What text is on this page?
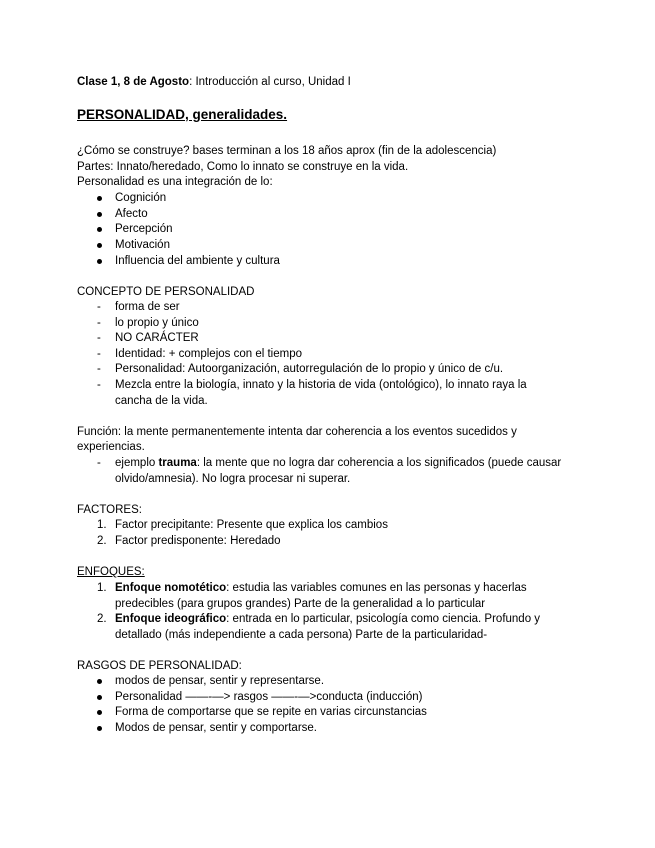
Clase 1, 8 de Agosto: Introducción al curso, Unidad I
PERSONALIDAD, generalidades.
¿Cómo se construye? bases terminan a los 18 años aprox (fin de la adolescencia)
Partes: Innato/heredado, Como lo innato se construye en la vida.
Personalidad es una integración de lo:
Cognición
Afecto
Percepción
Motivación
Influencia del ambiente y cultura
CONCEPTO DE PERSONALIDAD
- forma de ser
- lo propio y único
- NO CARÁCTER
- Identidad: + complejos con el tiempo
- Personalidad: Autoorganización, autorregulación de lo propio y único de c/u.
- Mezcla entre la biología, innato y la historia de vida (ontológico), lo innato raya la
cancha de la vida.
Función: la mente permanentemente intenta dar coherencia a los eventos sucedidos y
experiencias.
- ejemplo trauma: la mente que no logra dar coherencia a los significados (puede causar
olvido/amnesia). No logra procesar ni superar.
FACTORES:
1. Factor precipitante: Presente que explica los cambios
2. Factor predisponente: Heredado
ENFOQUES:
1. Enfoque nomotético: estudia las variables comunes en las personas y hacerlas
predecibles (para grupos grandes) Parte de la generalidad a lo particular
2. Enfoque ideográfico: entrada en lo particular, psicología como ciencia. Profundo y
detallado (más independiente a cada persona) Parte de la particularidad-
RASGOS DE PERSONALIDAD:
modos de pensar, sentir y representarse.
Personalidad ——-—> rasgos ——-—>conducta (inducción)
Forma de comportarse que se repite en varias circunstancias
Modos de pensar, sentir y comportarse.
